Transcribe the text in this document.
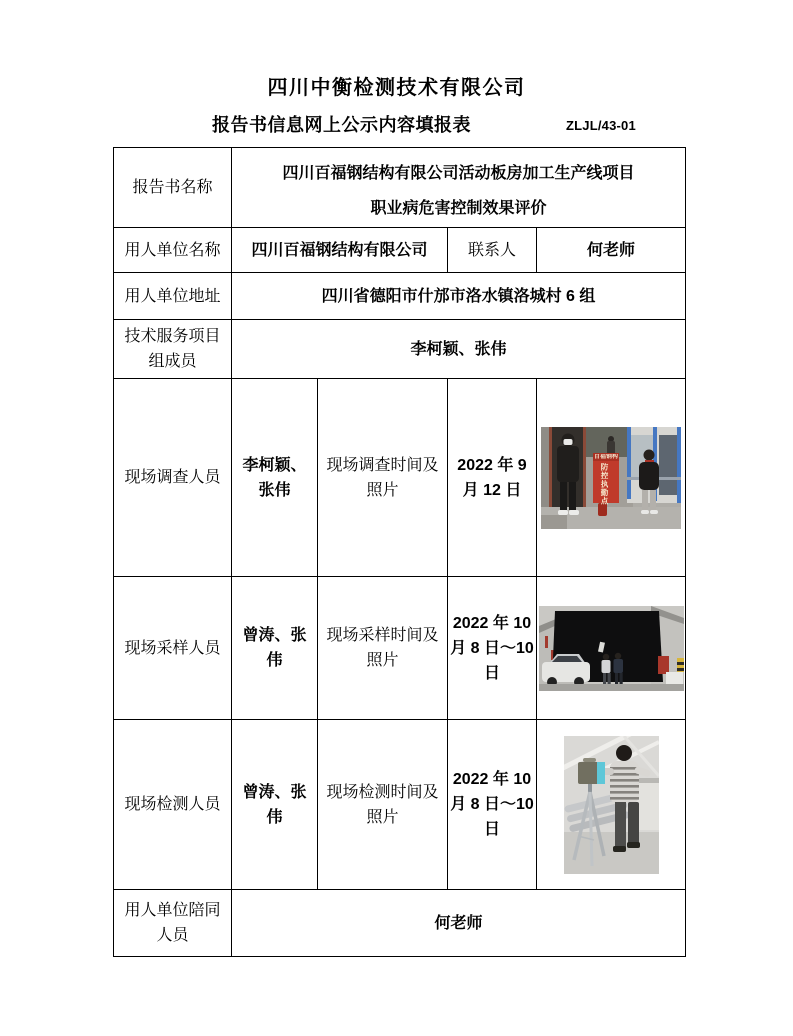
四川中衡检测技术有限公司
报告书信息网上公示内容填报表	ZLJL/43-01
报告书名称	四川百福钢结构有限公司活动板房加工生产线项目
职业病危害控制效果评价			

用人单位名称	四川百福钢结构有限公司		联系人	何老师
用人单位地址	四川省德阳市什邡市洛水镇洛城村 6 组			
技术服务项目组成员	李柯颖、张伟			
现场调查人员	李柯颖、张伟	现场调查时间及照片	2022 年 9 月 12 日	百福钢构
防控执勤点

现场采样人员	曾涛、张伟	现场采样时间及照片	2022 年 10 月 8 日～10 日	

现场检测人员	曾涛、张伟	现场检测时间及照片	2022 年 10 月 8 日～10 日	

用人单位陪同人员	何老师			
